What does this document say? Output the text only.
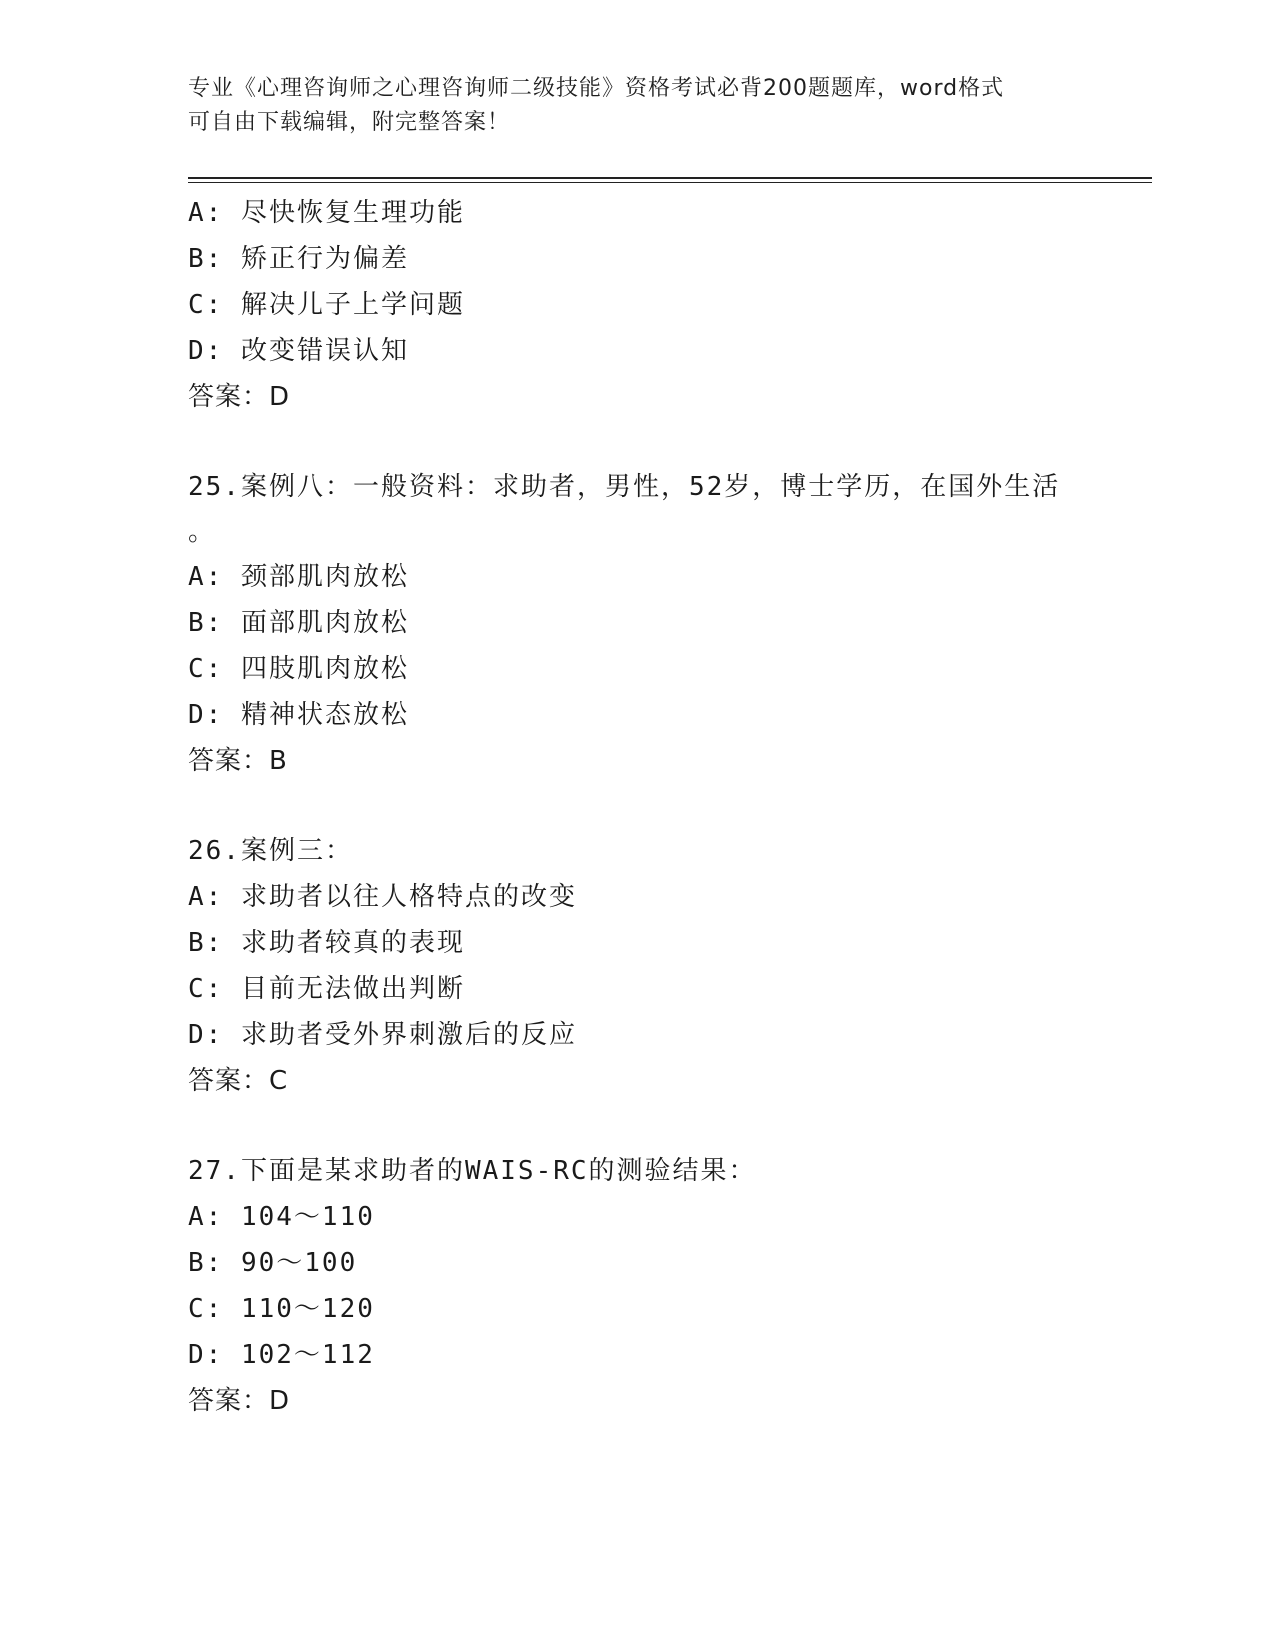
专业《心理咨询师之心理咨询师二级技能》资格考试必背200题题库，word格式
可自由下载编辑，附完整答案！
A: 尽快恢复生理功能
B: 矫正行为偏差
C: 解决儿子上学问题
D: 改变错误认知
答案：D
25.案例八：一般资料：求助者，男性，52岁，博士学历，在国外生活
。
A: 颈部肌肉放松
B: 面部肌肉放松
C: 四肢肌肉放松
D: 精神状态放松
答案：B
26.案例三：
A: 求助者以往人格特点的改变
B: 求助者较真的表现
C: 目前无法做出判断
D: 求助者受外界刺激后的反应
答案：C
27.下面是某求助者的WAIS-RC的测验结果：
A: 104～110
B: 90～100
C: 110～120
D: 102～112
答案：D
